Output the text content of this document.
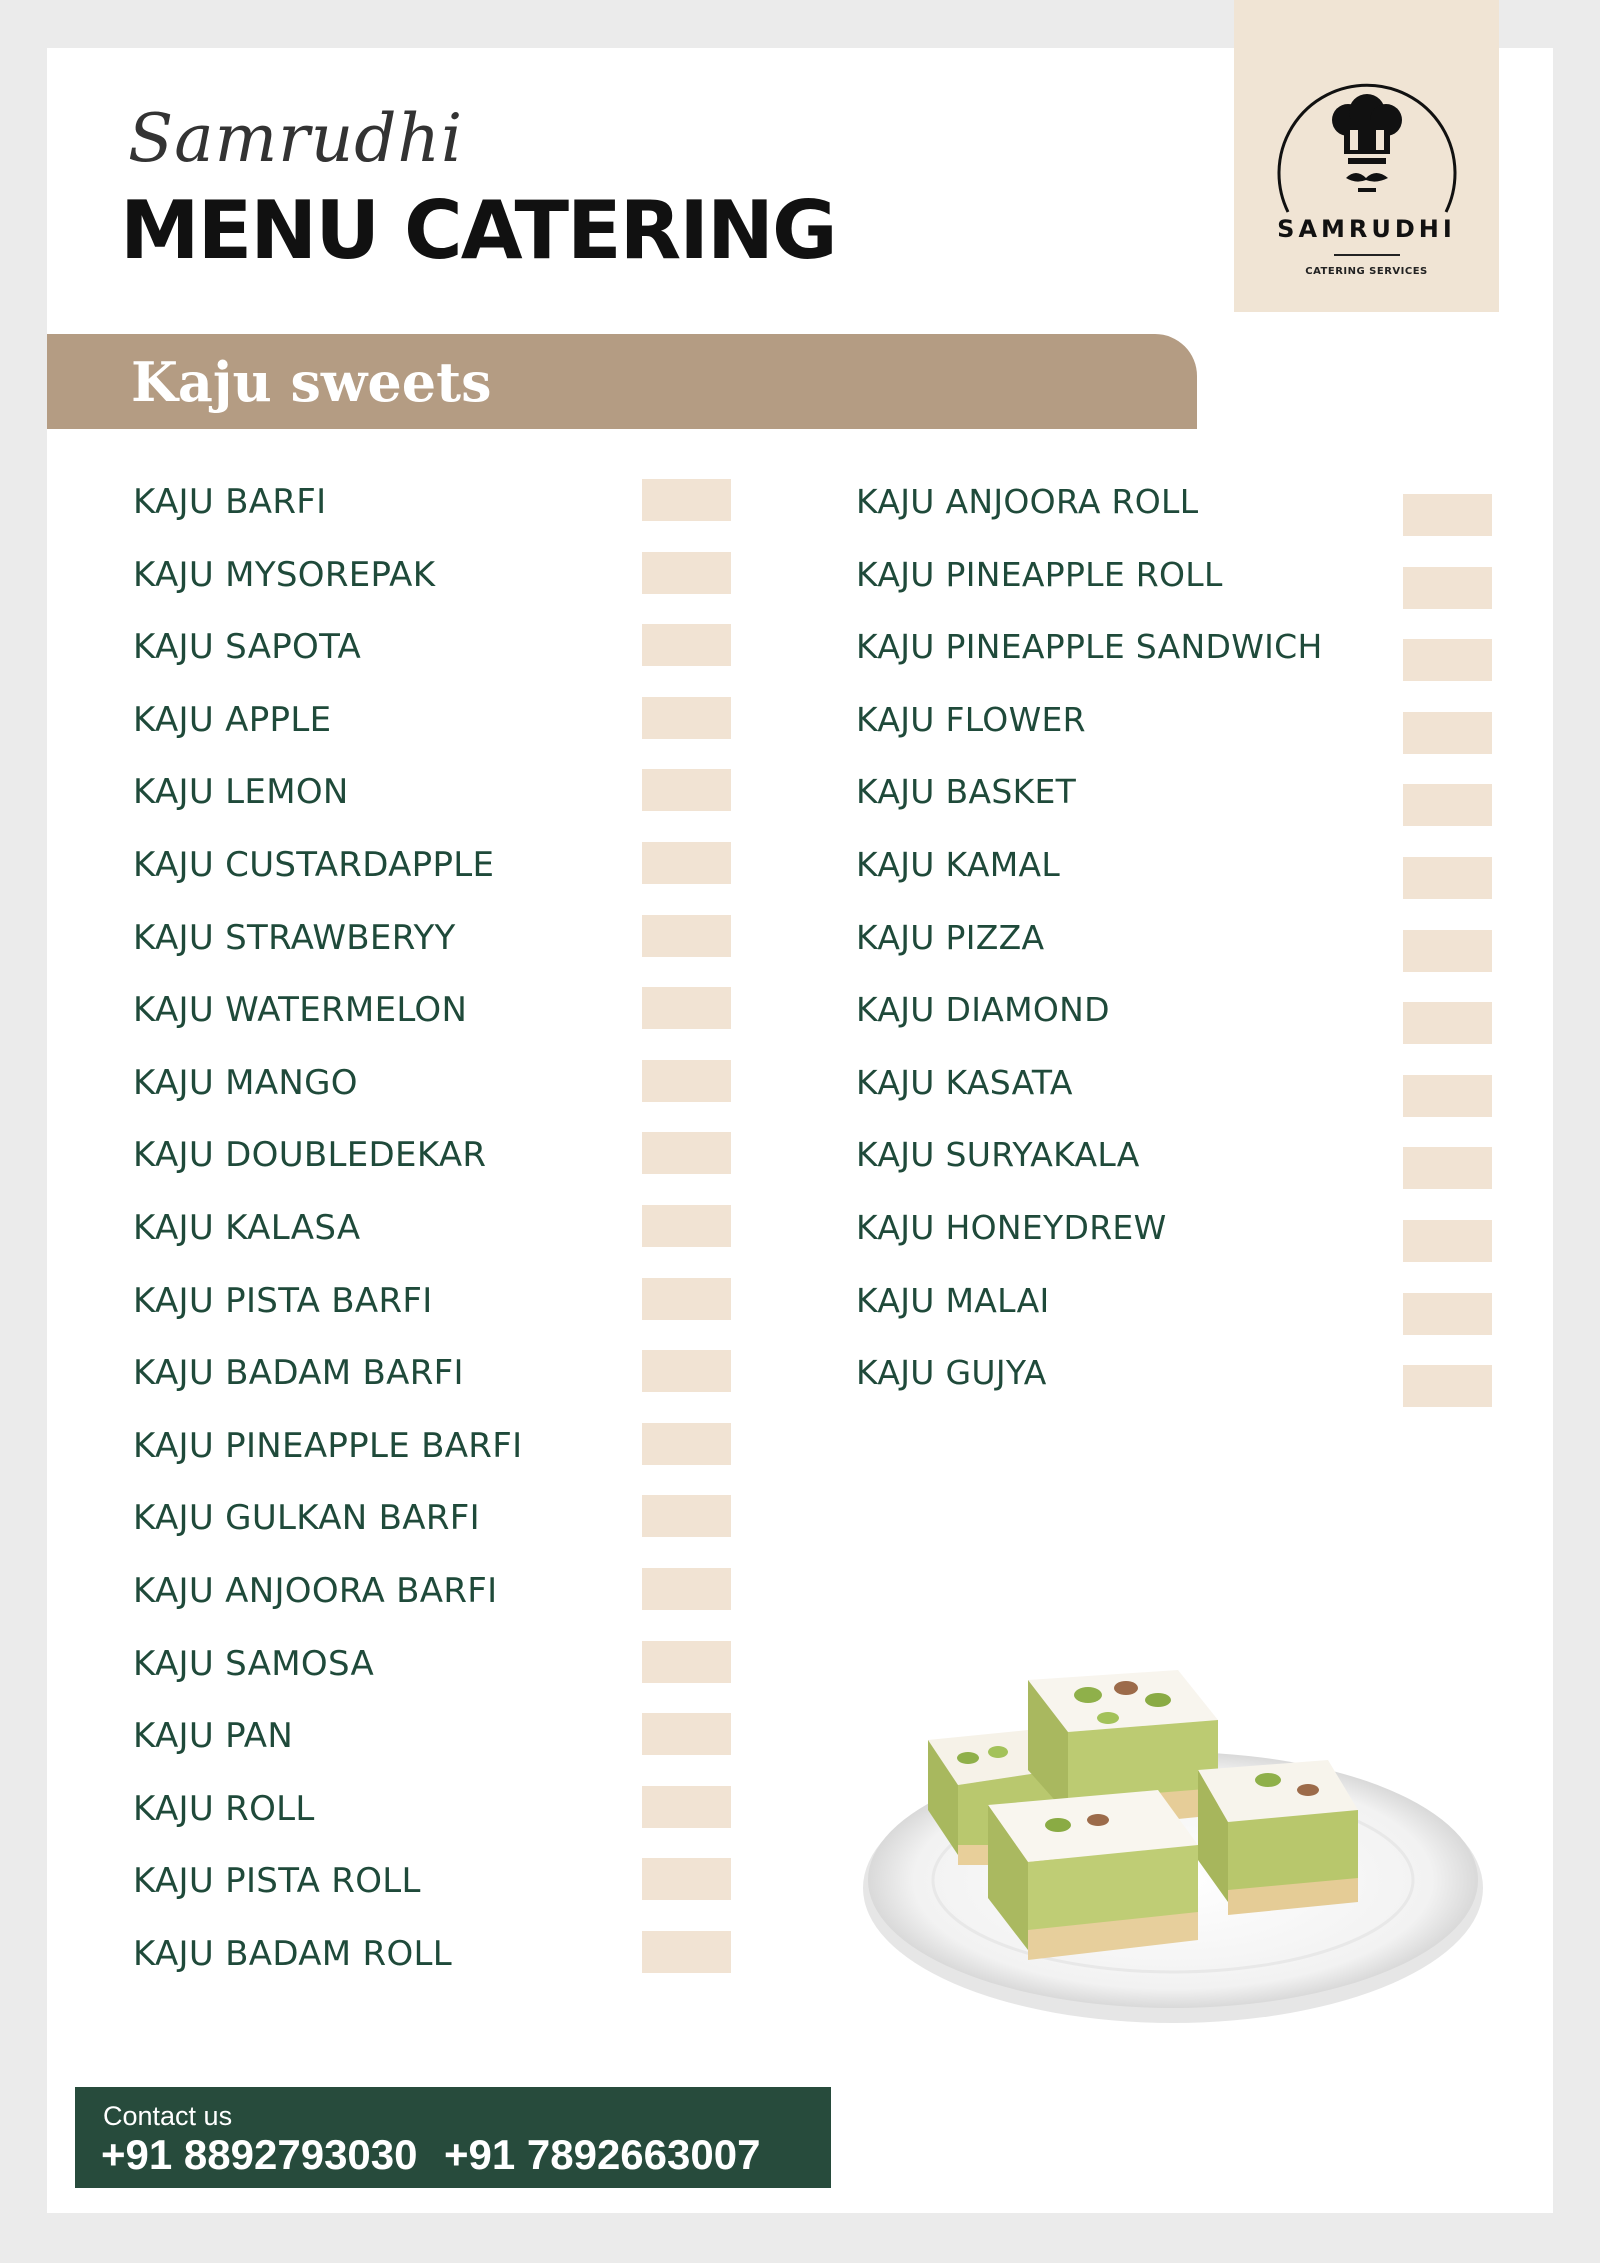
Samrudhi
MENU CATERING	SAMRUDHI
CATERING SERVICES
Kaju sweets
KAJU BARFI
KAJU MYSOREPAK
KAJU SAPOTA
KAJU APPLE
KAJU LEMON
KAJU CUSTARDAPPLE
KAJU STRAWBERYY
KAJU WATERMELON
KAJU MANGO
KAJU DOUBLEDEKAR
KAJU KALASA
KAJU PISTA BARFI
KAJU BADAM BARFI
KAJU PINEAPPLE BARFI
KAJU GULKAN BARFI
KAJU ANJOORA BARFI
KAJU SAMOSA
KAJU PAN
KAJU ROLL
KAJU PISTA ROLL
KAJU BADAM ROLL
KAJU ANJOORA ROLL
KAJU PINEAPPLE ROLL
KAJU PINEAPPLE SANDWICH
KAJU FLOWER
KAJU BASKET
KAJU KAMAL
KAJU PIZZA
KAJU DIAMOND
KAJU KASATA
KAJU SURYAKALA
KAJU HONEYDREW
KAJU MALAI
KAJU GUJYA
Contact us
+91 8892793030 +91 7892663007
